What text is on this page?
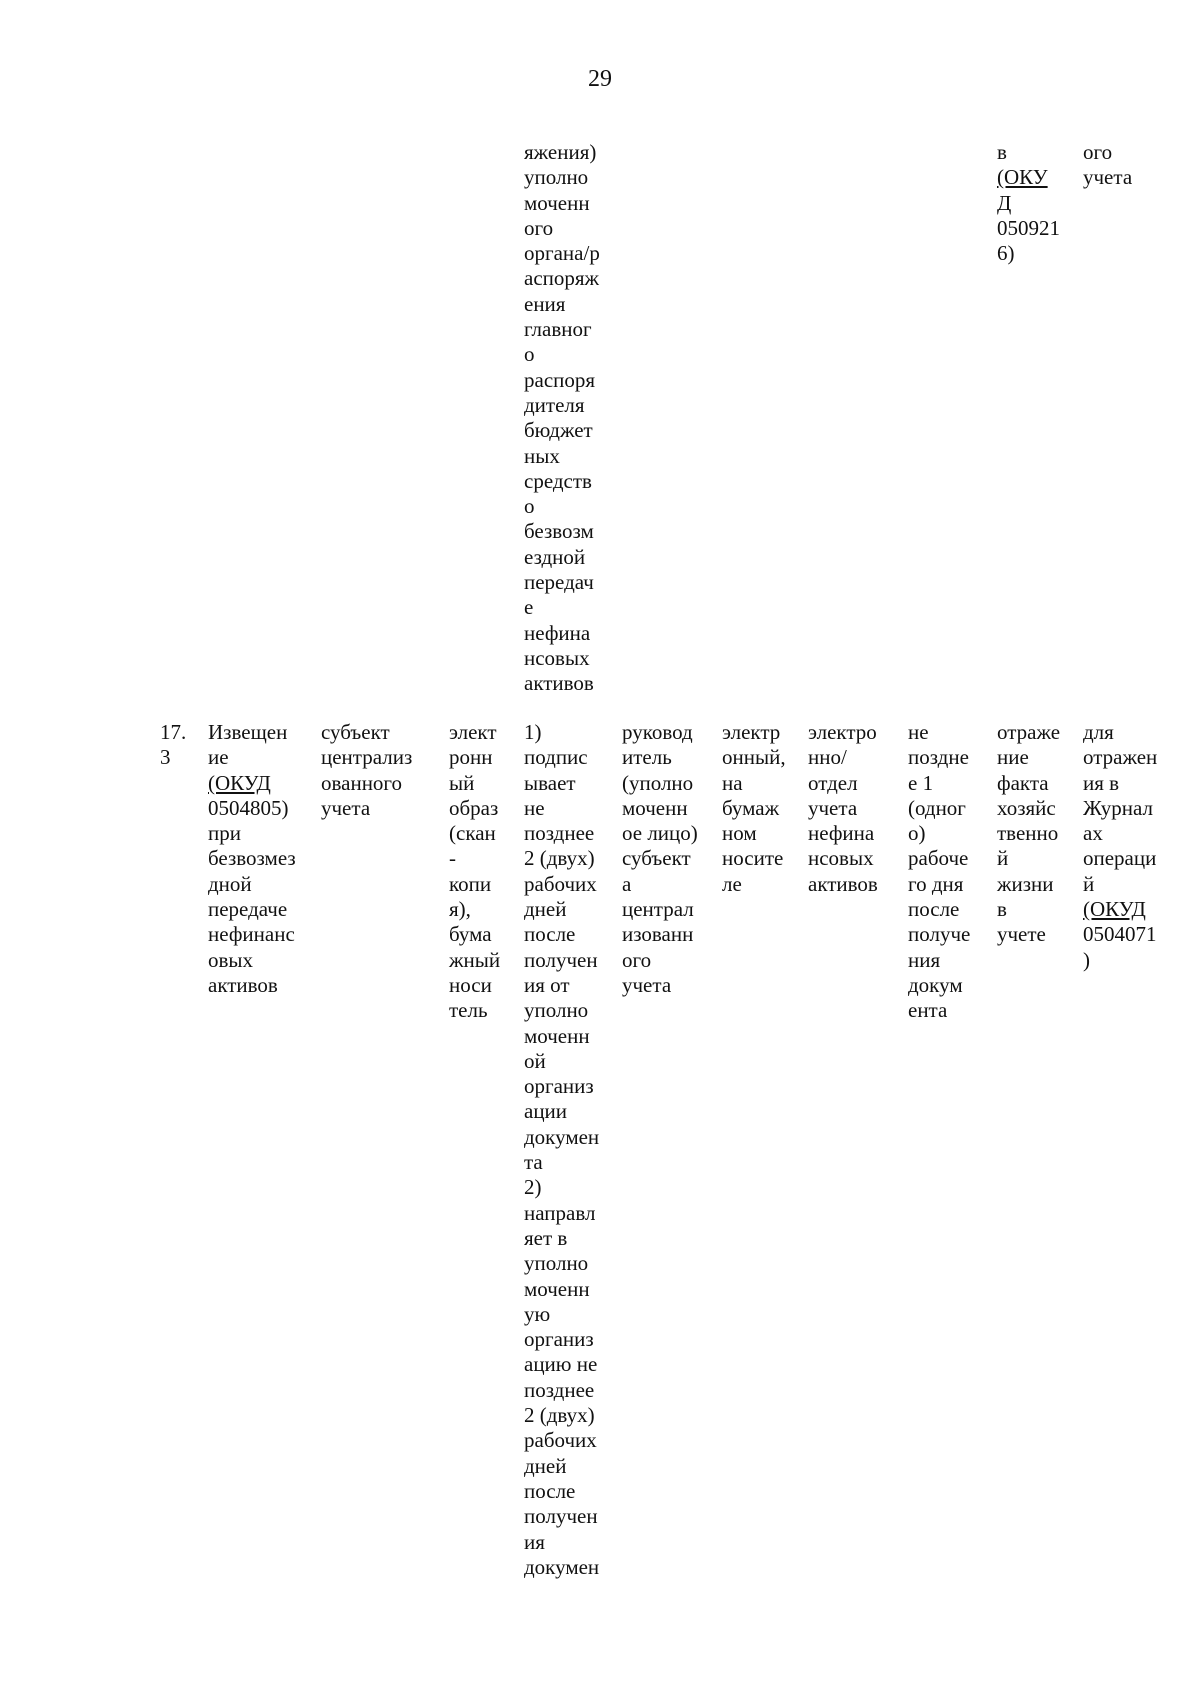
29

яжения)
уполно
моченн
ого
органа/р
аспоряж
ения
главног
о
распоря
дителя
бюджет
ных
средств
о
безвозм
ездной
передач
е
нефина
нсовых
активов

в
(ОКУ
Д
050921
6)

ого
учета

17.
3

Извещен
ие
(ОКУД
0504805)
при
безвозмез
дной
передаче
нефинанс
овых
активов

субъект
централиз
ованного
учета

элект
ронн
ый
образ
(скан
-
копи
я),
бума
жный
носи
тель

1)
подпис
ывает
не
позднее
2 (двух)
рабочих
дней
после
получен
ия от
уполно
моченн
ой
организ
ации
докумен
та
2)
направл
яет в
уполно
моченн
ую
организ
ацию не
позднее
2 (двух)
рабочих
дней
после
получен
ия
докумен

руковод
итель
(уполно
моченн
ое лицо)
субъект
а
централ
изованн
ого
учета

электр
онный,
на
бумаж
ном
носите
ле

электро
нно/
отдел
учета
нефина
нсовых
активов

не
поздне
е 1
(одног
о)
рабоче
го дня
после
получе
ния
докум
ента

отраже
ние
факта
хозяйс
твенно
й
жизни
в
учете

для
отражен
ия в
Журнал
ах
операци
й
(ОКУД
0504071
)
